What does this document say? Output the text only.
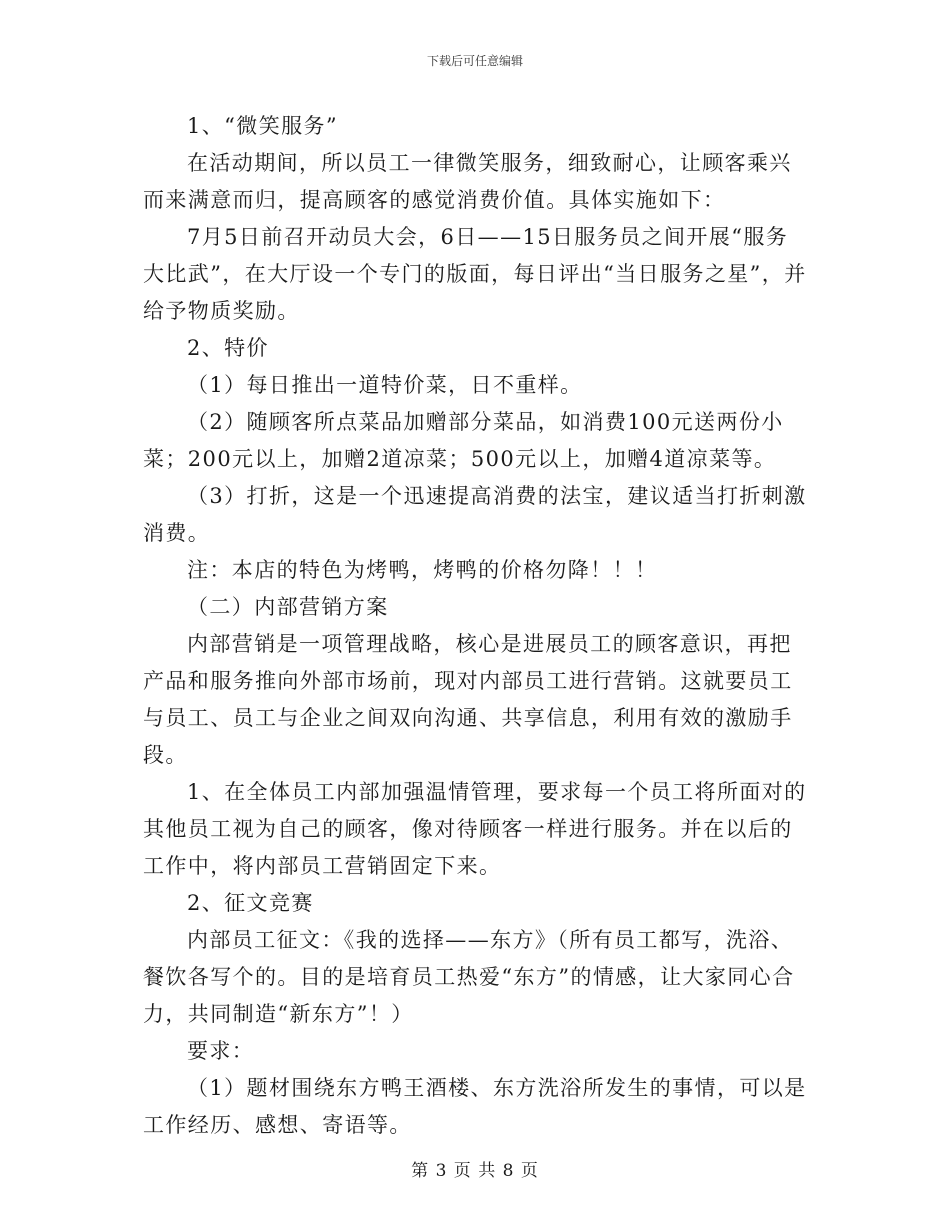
下载后可任意编辑

1、“微笑服务”

在活动期间，所以员工一律微笑服务，细致耐心，让顾客乘兴而来满意而归，提高顾客的感觉消费价值。具体实施如下：

7月5日前召开动员大会，6日——15日服务员之间开展“服务大比武”，在大厅设一个专门的版面，每日评出“当日服务之星”，并给予物质奖励。

2、特价

（1）每日推出一道特价菜，日不重样。

（2）随顾客所点菜品加赠部分菜品，如消费100元送两份小菜；200元以上，加赠2道凉菜；500元以上，加赠4道凉菜等。

（3）打折，这是一个迅速提高消费的法宝，建议适当打折刺激消费。

注：本店的特色为烤鸭，烤鸭的价格勿降！！！

（二）内部营销方案

内部营销是一项管理战略，核心是进展员工的顾客意识，再把产品和服务推向外部市场前，现对内部员工进行营销。这就要员工与员工、员工与企业之间双向沟通、共享信息，利用有效的激励手段。

1、在全体员工内部加强温情管理，要求每一个员工将所面对的其他员工视为自己的顾客，像对待顾客一样进行服务。并在以后的工作中，将内部员工营销固定下来。

2、征文竞赛

内部员工征文：《我的选择——东方》（所有员工都写，洗浴、餐饮各写个的。目的是培育员工热爱“东方”的情感，让大家同心合力，共同制造“新东方”！）

要求：

（1）题材围绕东方鸭王酒楼、东方洗浴所发生的事情，可以是工作经历、感想、寄语等。

第 3 页 共 8 页
